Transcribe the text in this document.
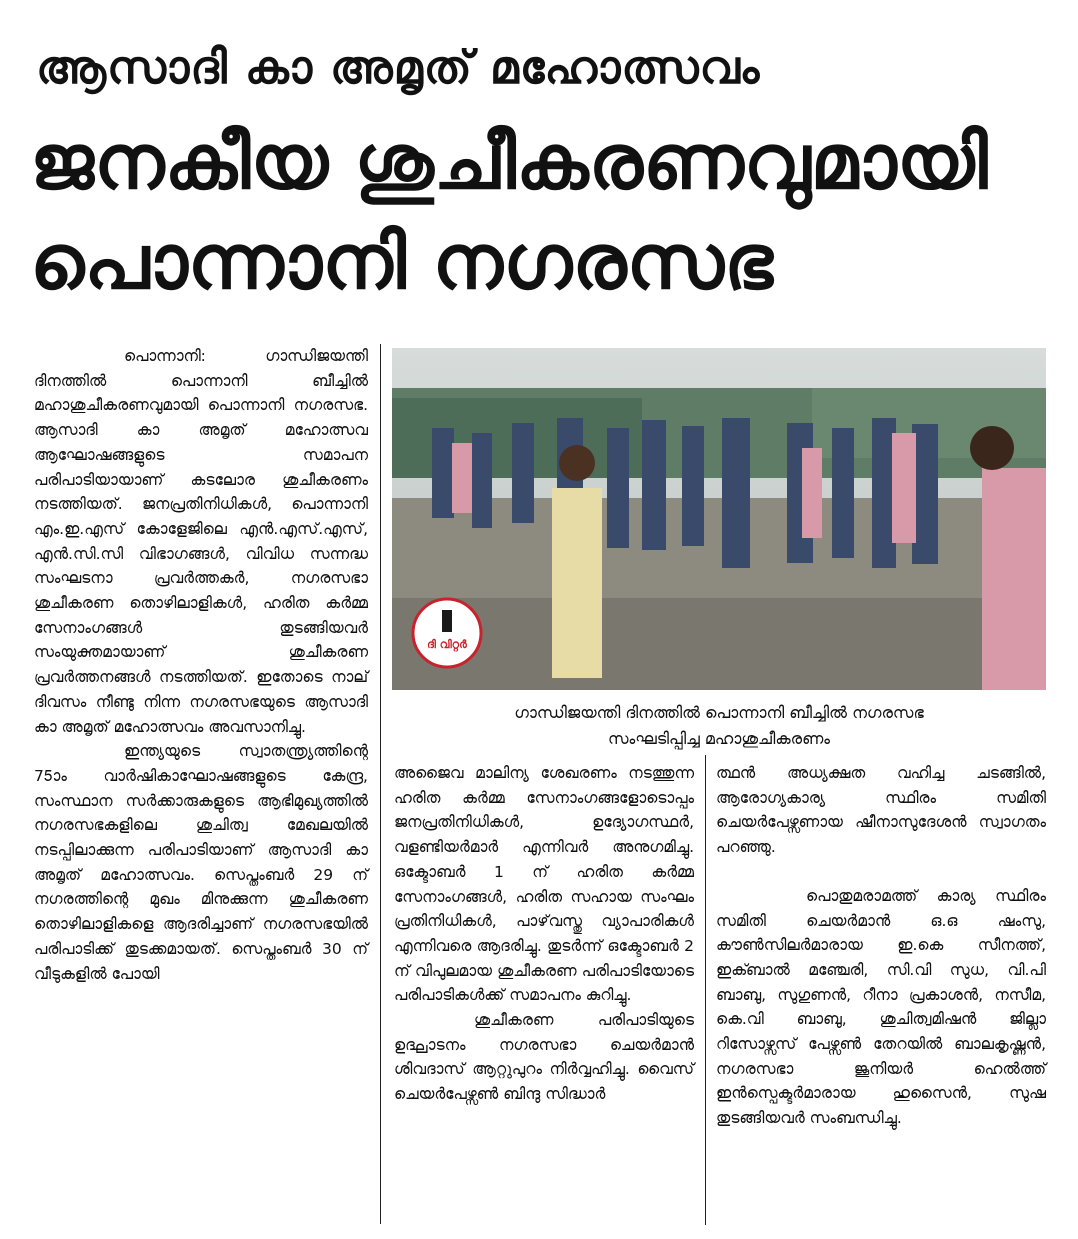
ആസാദി കാ അമൃത് മഹോത്സവം
ജനകീയ ശുചീകരണവുമായി
പൊന്നാനി നഗരസഭ

പൊന്നാനി: ഗാന്ധിജയന്തി ദിനത്തിൽ പൊന്നാനി ബീച്ചിൽ മഹാശുചീകരണവുമായി പൊന്നാനി നഗരസഭ. ആസാദി കാ അമൃത് മഹോത്സവ ആഘോഷങ്ങളുടെ സമാപന പരിപാടിയായാണ് കടലോര ശുചീകരണം നടത്തിയത്. ജനപ്രതിനിധികൾ, പൊന്നാനി എം.ഇ.എസ് കോളേജിലെ എൻ.എസ്.എസ്, എൻ.സി.സി വിഭാഗങ്ങൾ, വിവിധ സന്നദ്ധ സംഘടനാ പ്രവർത്തകർ, നഗരസഭാ ശുചീകരണ തൊഴിലാളികൾ, ഹരിത കർമ്മ സേനാംഗങ്ങൾ തുടങ്ങിയവർ സംയുക്തമായാണ് ശുചീകരണ പ്രവർത്തനങ്ങൾ നടത്തിയത്. ഇതോടെ നാല് ദിവസം നീണ്ടു നിന്ന നഗരസഭയുടെ ആസാദി കാ അമൃത് മഹോത്സവം അവസാനിച്ചു.

ഇന്ത്യയുടെ സ്വാതന്ത്ര്യത്തിന്റെ 75ാം വാർഷികാഘോഷങ്ങളുടെ കേന്ദ്ര, സംസ്ഥാന സർക്കാരുകളുടെ ആഭിമുഖ്യത്തിൽ നഗരസഭകളിലെ ശുചിത്വ മേഖലയിൽ നടപ്പിലാക്കുന്ന പരിപാടിയാണ് ആസാദി കാ അമൃത് മഹോത്സവം. സെപ്തംബർ 29 ന് നഗരത്തിന്റെ മുഖം മിനുക്കുന്ന ശുചീകരണ തൊഴിലാളികളെ ആദരിച്ചാണ് നഗരസഭയിൽ പരിപാടിക്ക് തുടക്കമായത്. സെപ്തംബർ 30 ന് വീടുകളിൽ പോയി

ദി വിറ്റർ
ഗാന്ധിജയന്തി ദിനത്തിൽ പൊന്നാനി ബീച്ചിൽ നഗരസഭ
സംഘടിപ്പിച്ച മഹാശുചീകരണം

അജൈവ മാലിന്യ ശേഖരണം നടത്തുന്ന ഹരിത കർമ്മ സേനാംഗങ്ങളോടൊപ്പം ജനപ്രതിനിധികൾ, ഉദ്യോഗസ്ഥർ, വളണ്ടിയർമാർ എന്നിവർ അനുഗമിച്ചു. ഒക്ടോബർ 1 ന് ഹരിത കർമ്മ സേനാംഗങ്ങൾ, ഹരിത സഹായ സംഘം പ്രതിനിധികൾ, പാഴ്‌വസ്തു വ്യാപാരികൾ എന്നിവരെ ആദരിച്ചു. തുടർന്ന് ഒക്ടോബർ 2 ന് വിപുലമായ ശുചീകരണ പരിപാടിയോടെ പരിപാടികൾക്ക് സമാപനം കുറിച്ചു.

ശുചീകരണ പരിപാടിയുടെ ഉദ്ഘാടനം നഗരസഭാ ചെയർമാൻ ശിവദാസ് ആറ്റുപുറം നിർവ്വഹിച്ചു. വൈസ് ചെയർപേഴ്സൺ ബിന്ദു സിദ്ധാർ

ത്ഥൻ അധ്യക്ഷത വഹിച്ച ചടങ്ങിൽ, ആരോഗ്യകാര്യ സ്ഥിരം സമിതി ചെയർപേഴ്സണായ ഷീനാസുദേശൻ സ്വാഗതം പറഞ്ഞു.

പൊതുമരാമത്ത് കാര്യ സ്ഥിരം സമിതി ചെയർമാൻ ഒ.ഒ ഷംസു, കൗൺസിലർമാരായ ഇ.കെ സീനത്ത്, ഇക്ബാൽ മഞ്ചേരി, സി.വി സുധ, വി.പി ബാബു, സുഗുണൻ, റീനാ പ്രകാശൻ, നസീമ, കെ.വി ബാബു, ശുചിത്വമിഷൻ ജില്ലാ റിസോഴ്സസ് പേഴ്സൺ തേറയിൽ ബാലകൃഷ്ണൻ, നഗരസഭാ ജൂനിയർ ഹെൽത്ത് ഇൻസ്പെക്ടർമാരായ ഹുസൈൻ, സുഷ തുടങ്ങിയവർ സംബന്ധിച്ചു.
